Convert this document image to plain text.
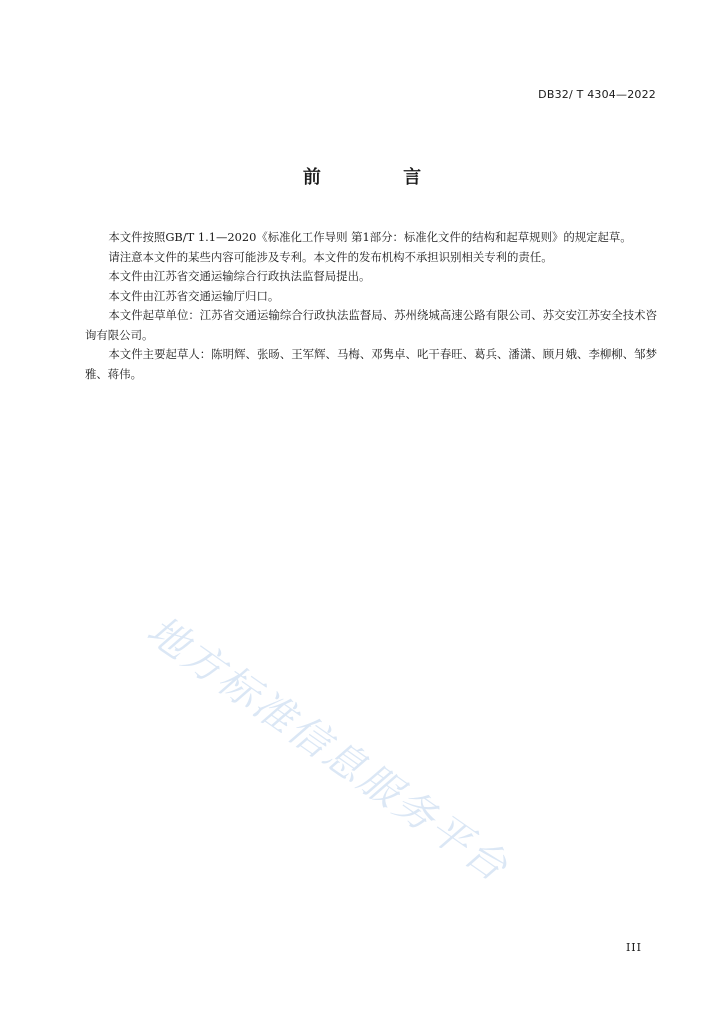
DB32/ T 4304—2022
前 言

本文件按照GB/T 1.1—2020《标准化工作导则 第1部分：标准化文件的结构和起草规则》的规定起草。

请注意本文件的某些内容可能涉及专利。本文件的发布机构不承担识别相关专利的责任。

本文件由江苏省交通运输综合行政执法监督局提出。

本文件由江苏省交通运输厅归口。

本文件起草单位：江苏省交通运输综合行政执法监督局、苏州绕城高速公路有限公司、苏交安江苏安全技术咨询有限公司。

本文件主要起草人：陈明辉、张旸、王军辉、马梅、邓隽卓、叱干春旺、葛兵、潘潇、顾月娥、李柳柳、邹梦雅、蒋伟。

地方标准信息服务平台
III
